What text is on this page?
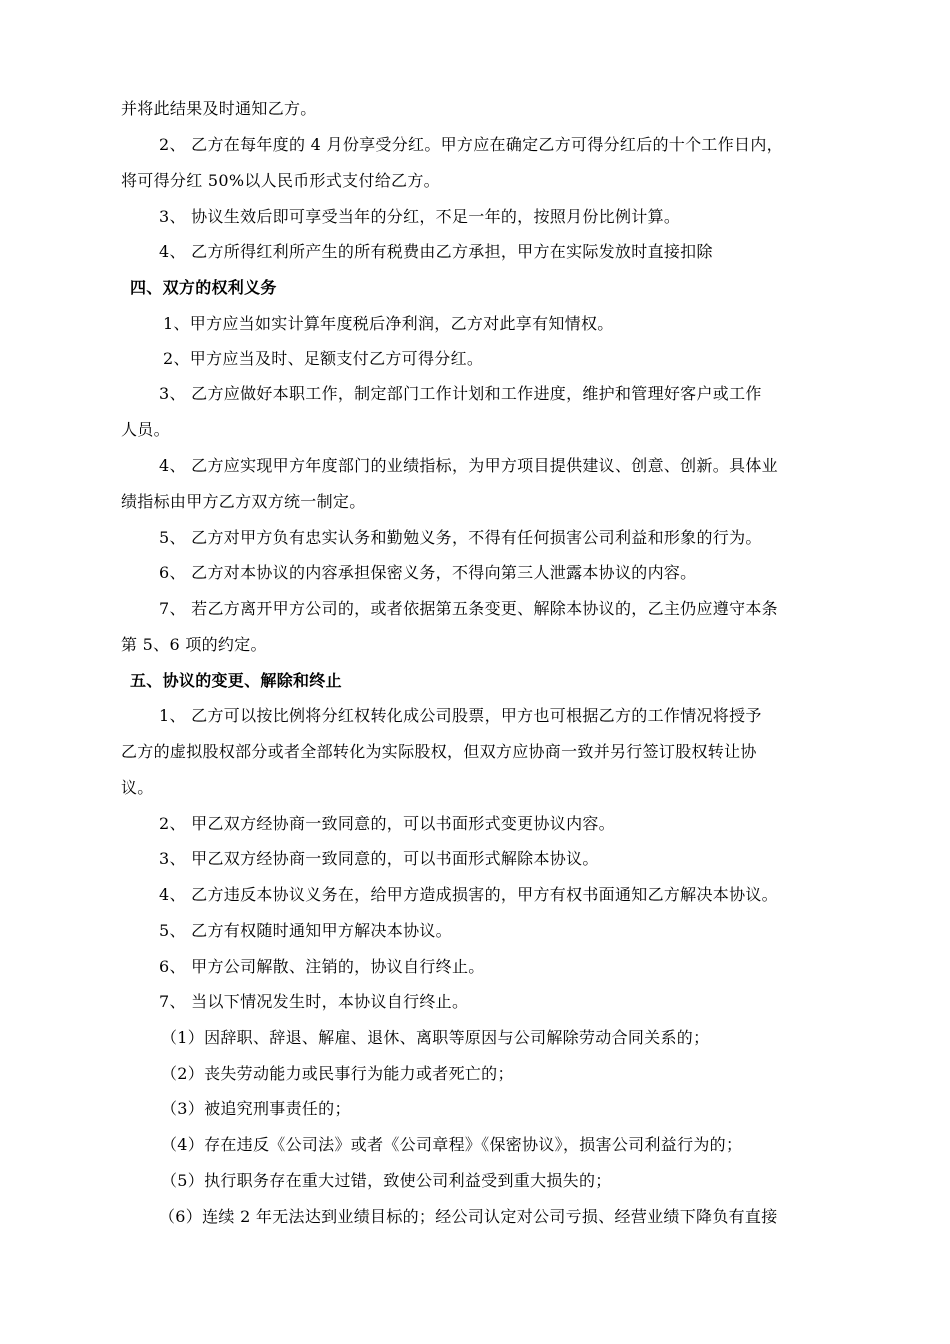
并将此结果及时通知乙方。
2、 乙方在每年度的 4 月份享受分红。甲方应在确定乙方可得分红后的十个工作日内，
将可得分红 50%以人民币形式支付给乙方。
3、 协议生效后即可享受当年的分红，不足一年的，按照月份比例计算。
4、 乙方所得红利所产生的所有税费由乙方承担，甲方在实际发放时直接扣除
四、双方的权利义务
1、甲方应当如实计算年度税后净利润，乙方对此享有知情权。
2、甲方应当及时、足额支付乙方可得分红。
3、 乙方应做好本职工作，制定部门工作计划和工作进度，维护和管理好客户或工作
人员。
4、 乙方应实现甲方年度部门的业绩指标，为甲方项目提供建议、创意、创新。具体业
绩指标由甲方乙方双方统一制定。
5、 乙方对甲方负有忠实认务和勤勉义务，不得有任何损害公司利益和形象的行为。
6、 乙方对本协议的内容承担保密义务，不得向第三人泄露本协议的内容。
7、 若乙方离开甲方公司的，或者依据第五条变更、解除本协议的，乙主仍应遵守本条
第 5、6 项的约定。
五、协议的变更、解除和终止
1、 乙方可以按比例将分红权转化成公司股票，甲方也可根据乙方的工作情况将授予
乙方的虚拟股权部分或者全部转化为实际股权，但双方应协商一致并另行签订股权转让协
议。
2、 甲乙双方经协商一致同意的，可以书面形式变更协议内容。
3、 甲乙双方经协商一致同意的，可以书面形式解除本协议。
4、 乙方违反本协议义务在，给甲方造成损害的，甲方有权书面通知乙方解决本协议。
5、 乙方有权随时通知甲方解决本协议。
6、 甲方公司解散、注销的，协议自行终止。
7、 当以下情况发生时，本协议自行终止。
（1）因辞职、辞退、解雇、退休、离职等原因与公司解除劳动合同关系的；
（2）丧失劳动能力或民事行为能力或者死亡的；
（3）被追究刑事责任的；
（4）存在违反《公司法》或者《公司章程》《保密协议》，损害公司利益行为的；
（5）执行职务存在重大过错，致使公司利益受到重大损失的；
（6）连续 2 年无法达到业绩目标的；经公司认定对公司亏损、经营业绩下降负有直接
